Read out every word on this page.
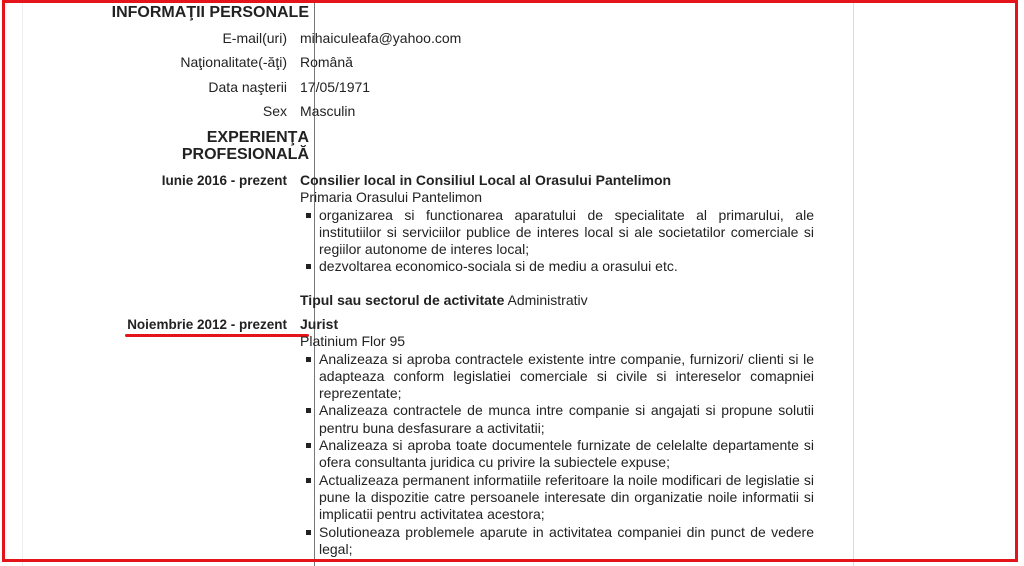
INFORMAŢII PERSONALE
E-mail(uri) mihaiculeafa@yahoo.com
Naţionalitate(-ăţi) Română
Data naşterii 17/05/1971
Sex Masculin
EXPERIENŢA
PROFESIONALĂ
Iunie 2016 - prezent Consilier local in Consiliul Local al Orasului Pantelimon
Primaria Orasului Pantelimon
organizarea si functionarea aparatului de specialitate al primarului, ale institutiilor si serviciilor publice de interes local si ale societatilor comerciale si regiilor autonome de interes local;
dezvoltarea economico-sociala si de mediu a orasului etc.
Tipul sau sectorul de activitate Administrativ
Noiembrie 2012 - prezent Jurist
Platinium Flor 95
Analizeaza si aproba contractele existente intre companie, furnizori/ clienti si le adapteaza conform legislatiei comerciale si civile si intereselor comapniei reprezentate;
Analizeaza contractele de munca intre companie si angajati si propune solutii pentru buna desfasurare a activitatii;
Analizeaza si aproba toate documentele furnizate de celelalte departamente si ofera consultanta juridica cu privire la subiectele expuse;
Actualizeaza permanent informatiile referitoare la noile modificari de legislatie si pune la dispozitie catre persoanele interesate din organizatie noile informatii si implicatii pentru activitatea acestora;
Solutioneaza problemele aparute in activitatea companiei din punct de vedere legal;
